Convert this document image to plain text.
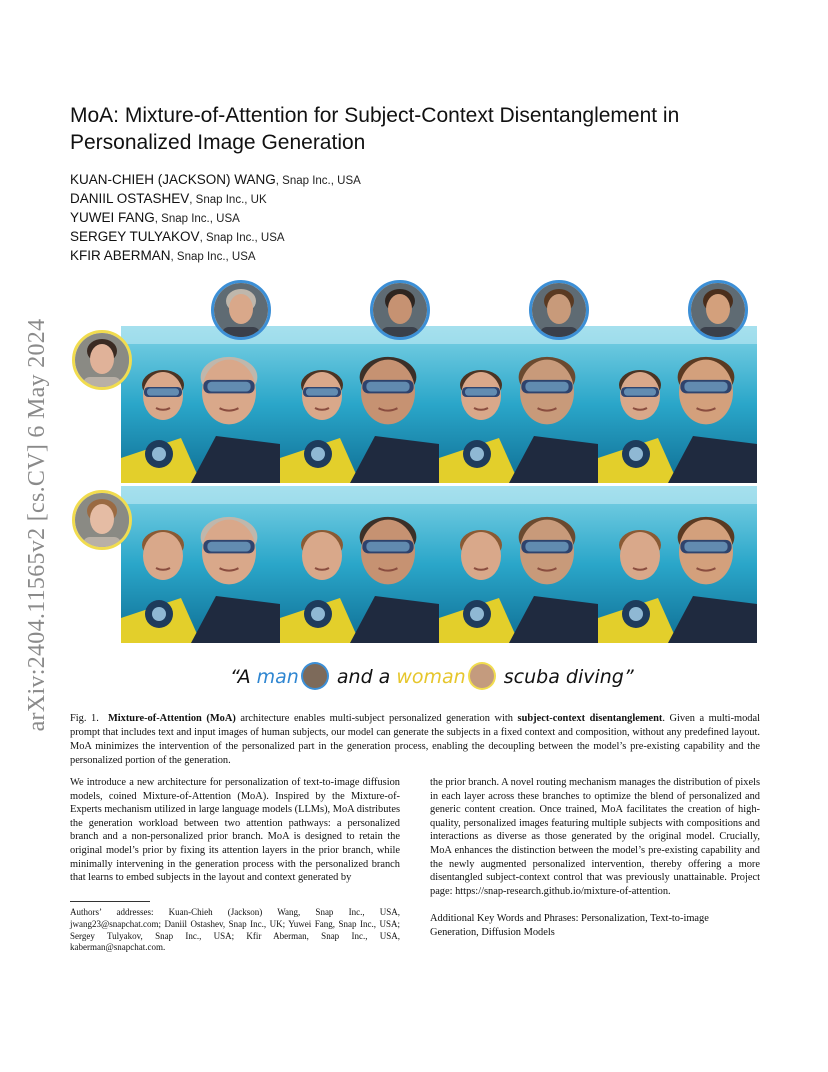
arXiv:2404.11565v2 [cs.CV] 6 May 2024
MoA: Mixture-of-Attention for Subject-Context Disentanglement in Personalized Image Generation
KUAN-CHIEH (JACKSON) WANG, Snap Inc., USA
DANIIL OSTASHEV, Snap Inc., UK
YUWEI FANG, Snap Inc., USA
SERGEY TULYAKOV, Snap Inc., USA
KFIR ABERMAN, Snap Inc., USA
“A man and a woman scuba diving”

Fig. 1. Mixture-of-Attention (MoA) architecture enables multi-subject personalized generation with subject-context disentanglement. Given a multi-modal prompt that includes text and input images of human subjects, our model can generate the subjects in a fixed context and composition, without any predefined layout. MoA minimizes the intervention of the personalized part in the generation process, enabling the decoupling between the model’s pre-existing capability and the personalized portion of the generation.

We introduce a new architecture for personalization of text-to-image diffusion models, coined Mixture-of-Attention (MoA). Inspired by the Mixture-of-Experts mechanism utilized in large language models (LLMs), MoA distributes the generation workload between two attention pathways: a personalized branch and a non-personalized prior branch. MoA is designed to retain the original model’s prior by fixing its attention layers in the prior branch, while minimally intervening in the generation process with the personalized branch that learns to embed subjects in the layout and context generated by

the prior branch. A novel routing mechanism manages the distribution of pixels in each layer across these branches to optimize the blend of personalized and generic content creation. Once trained, MoA facilitates the creation of high-quality, personalized images featuring multiple subjects with compositions and interactions as diverse as those generated by the original model. Crucially, MoA enhances the distinction between the model’s pre-existing capability and the newly augmented personalized intervention, thereby offering a more disentangled subject-context control that was previously unattainable. Project page: https://snap-research.github.io/mixture-of-attention.

Authors’ addresses: Kuan-Chieh (Jackson) Wang, Snap Inc., USA, jwang23@snapchat.com; Daniil Ostashev, Snap Inc., UK; Yuwei Fang, Snap Inc., USA; Sergey Tulyakov, Snap Inc., USA; Kfir Aberman, Snap Inc., USA, kaberman@snapchat.com.

Additional Key Words and Phrases: Personalization, Text-to-image Generation, Diffusion Models
